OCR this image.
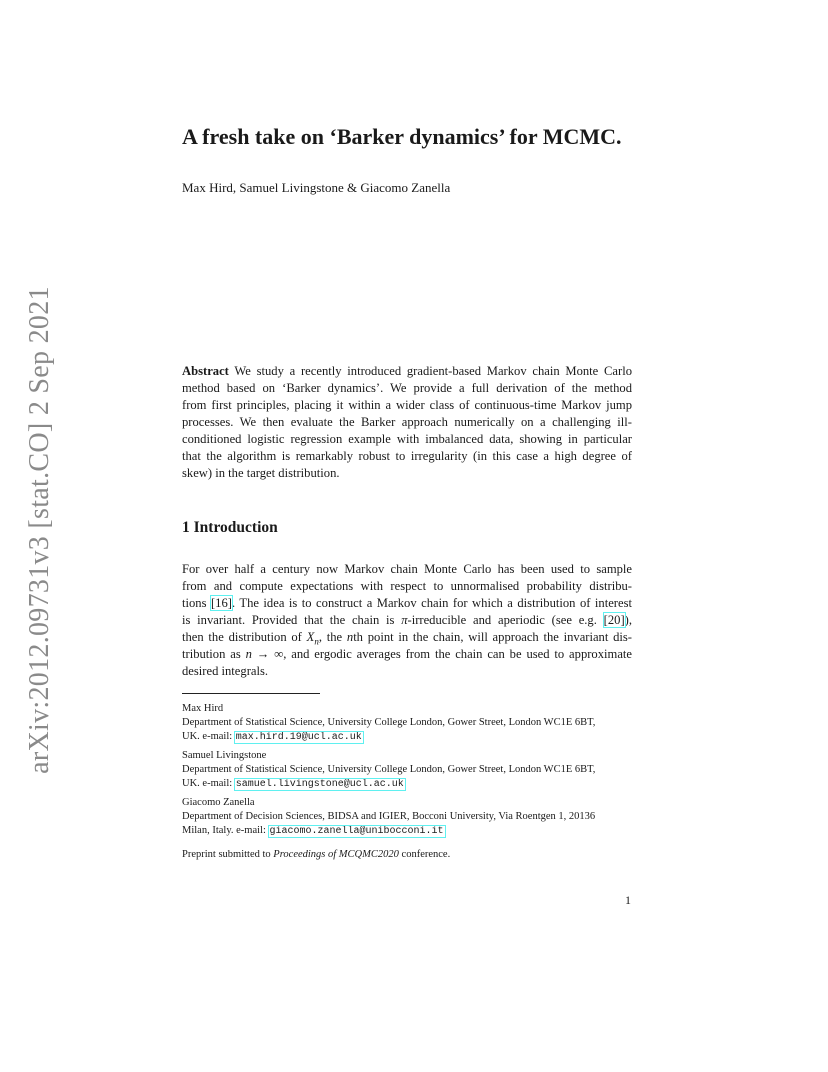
arXiv:2012.09731v3 [stat.CO] 2 Sep 2021
A fresh take on ‘Barker dynamics’ for MCMC.
Max Hird, Samuel Livingstone & Giacomo Zanella
Abstract We study a recently introduced gradient-based Markov chain Monte Carlo
method based on ‘Barker dynamics’. We provide a full derivation of the method
from first principles, placing it within a wider class of continuous-time Markov jump
processes. We then evaluate the Barker approach numerically on a challenging ill-
conditioned logistic regression example with imbalanced data, showing in particular
that the algorithm is remarkably robust to irregularity (in this case a high degree of
skew) in the target distribution.
1 Introduction
For over half a century now Markov chain Monte Carlo has been used to sample
from and compute expectations with respect to unnormalised probability distribu-
tions [16]. The idea is to construct a Markov chain for which a distribution of interest
is invariant. Provided that the chain is π-irreducible and aperiodic (see e.g. [20]),
then the distribution of $X_n$, the nth point in the chain, will approach the invariant dis-
tribution as n → ∞, and ergodic averages from the chain can be used to approximate
desired integrals.
Max Hird
Department of Statistical Science, University College London, Gower Street, London WC1E 6BT,
UK. e-mail: max.hird.19@ucl.ac.uk
Samuel Livingstone
Department of Statistical Science, University College London, Gower Street, London WC1E 6BT,
UK. e-mail: samuel.livingstone@ucl.ac.uk
Giacomo Zanella
Department of Decision Sciences, BIDSA and IGIER, Bocconi University, Via Roentgen 1, 20136
Milan, Italy. e-mail: giacomo.zanella@unibocconi.it
Preprint submitted to Proceedings of MCQMC2020 conference.
1
